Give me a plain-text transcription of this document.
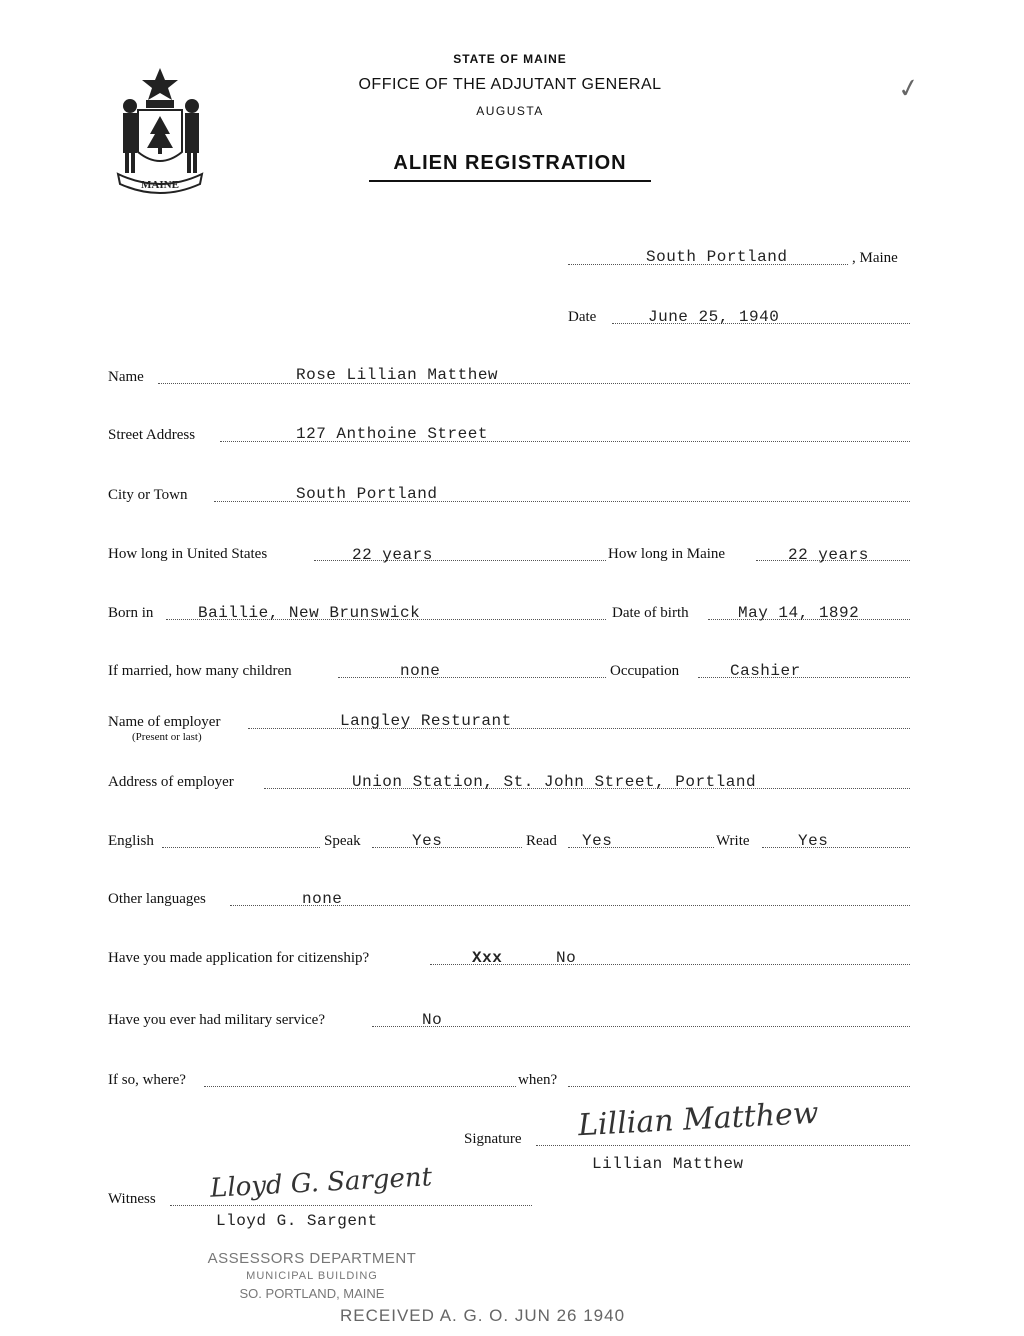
MAINE
STATE OF MAINE
OFFICE OF THE ADJUTANT GENERAL
AUGUSTA
ALIEN REGISTRATION
✓
South Portland	, Maine
Date	June 25, 1940
Name	Rose Lillian Matthew
Street Address	127 Anthoine Street
City or Town	South Portland
How long in United States	22 years	How long in Maine	22 years
Born in	Baillie, New Brunswick	Date of birth	May 14, 1892
If married, how many children	none	Occupation	Cashier
Name of employer
(Present or last)
Langley Resturant
Address of employer	Union Station, St. John Street, Portland
English	Speak	Yes	Read Yes	Write	Yes
Other languages	none
Have you made application for citizenship?	Xxx	No
Have you ever had military service?	No
If so, where?	when?
Signature Lillian Matthew
Lillian Matthew
Witness Lloyd G. Sargent
Lloyd G. Sargent
ASSESSORS DEPARTMENT
MUNICIPAL BUILDING
SO. PORTLAND, MAINE
RECEIVED A. G. O. JUN 26 1940
